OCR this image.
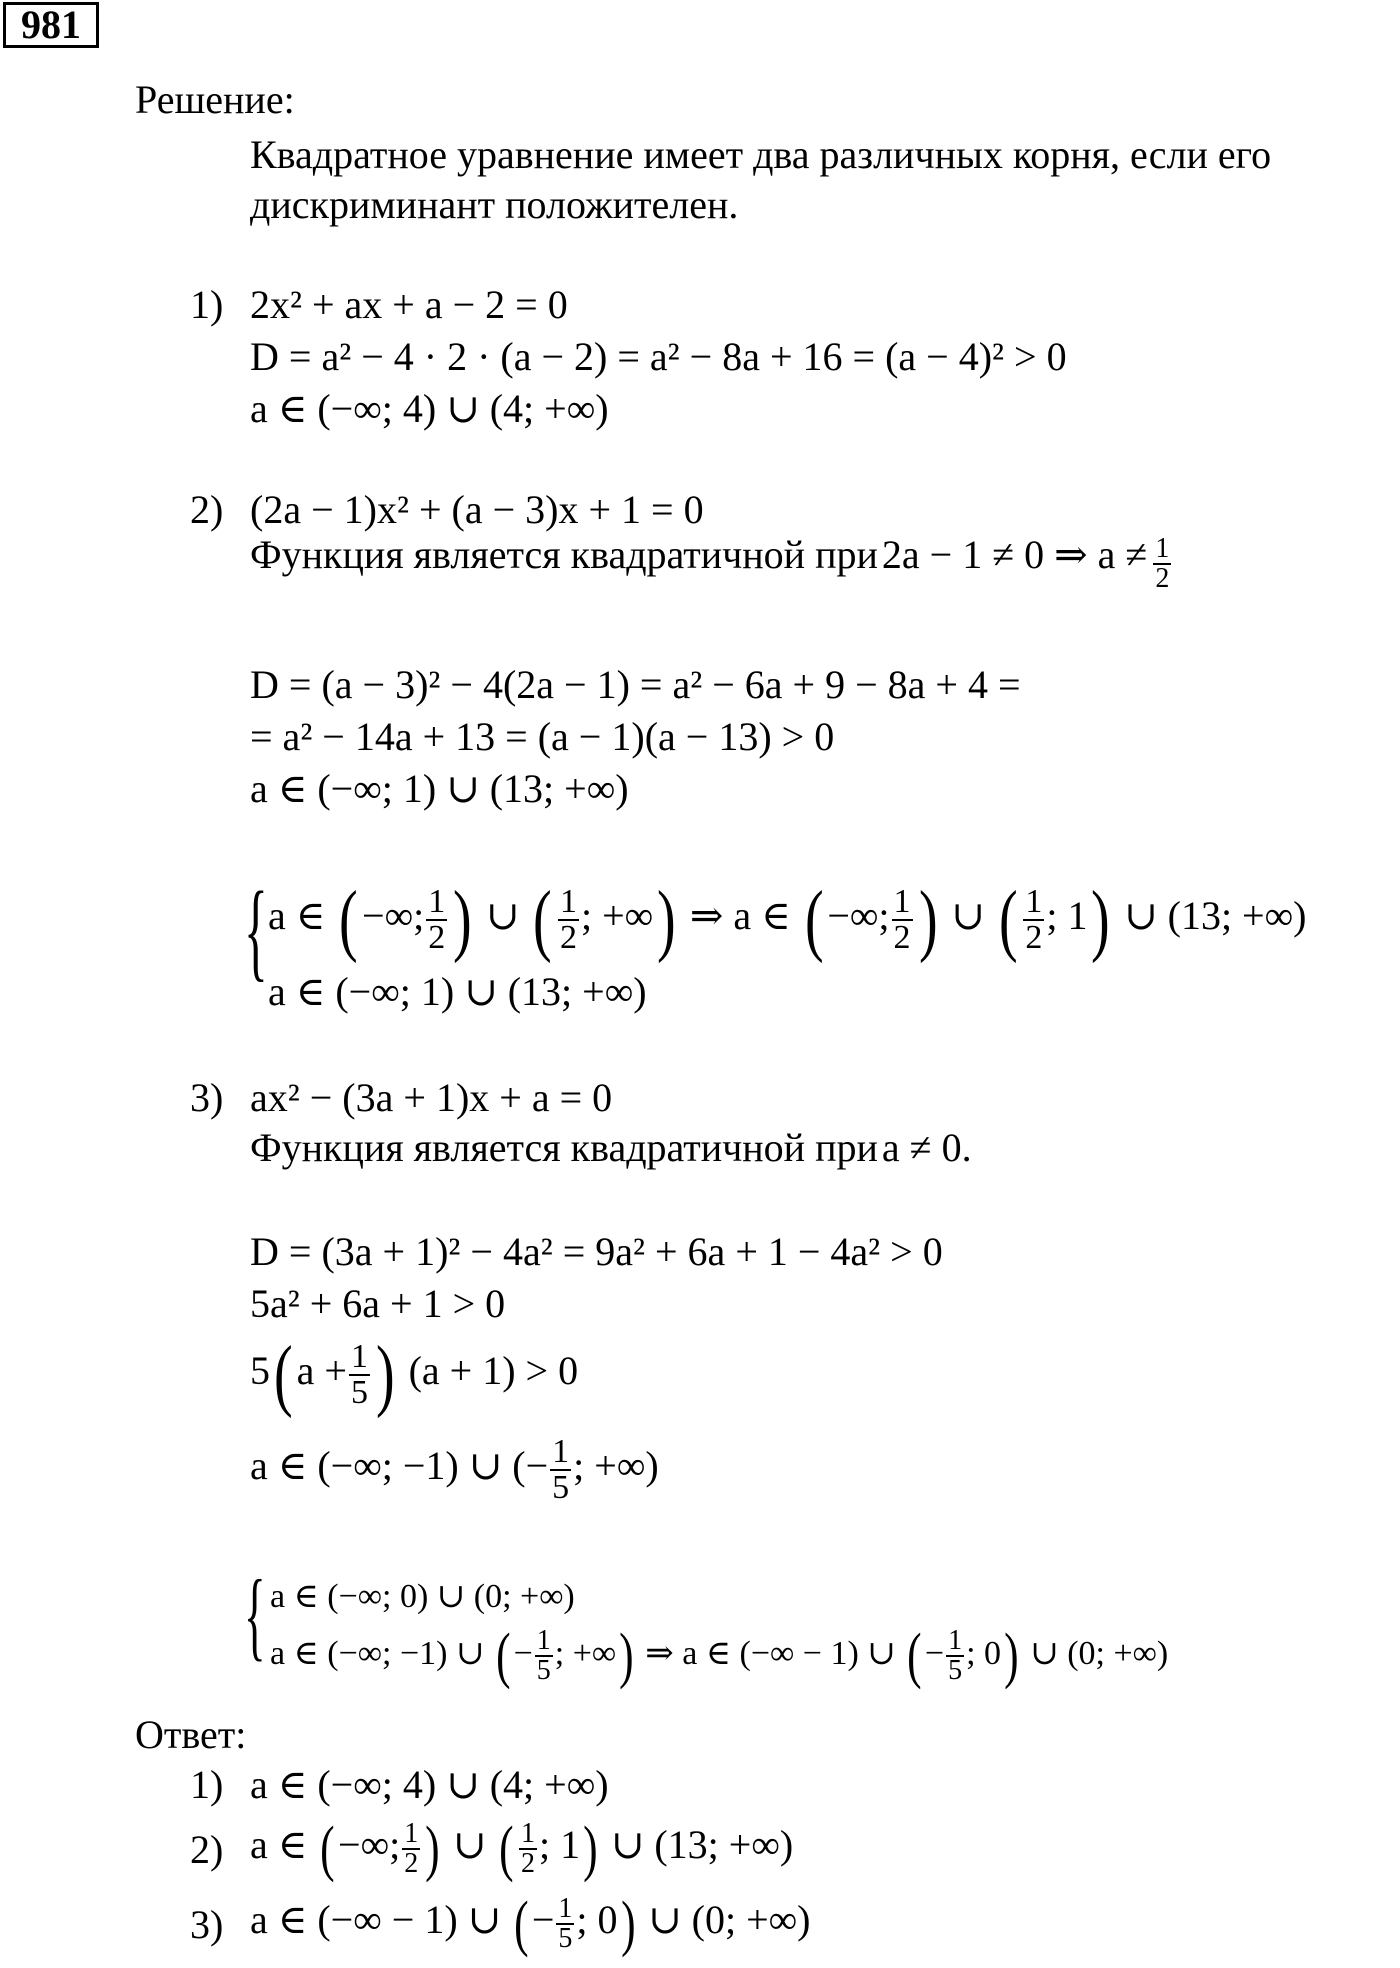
981
Решение:
Квадратное уравнение имеет два различных корня, если его
дискриминант положителен.
1) 2x² + ax + a − 2 = 0
D = a² − 4 · 2 · (a − 2) = a² − 8a + 16 = (a − 4)² > 0
a ∈ (−∞; 4) ∪ (4; +∞)
2) (2a − 1)x² + (a − 3)x + 1 = 0
Функция является квадратичной при 2a − 1 ≠ 0 ⇒ $a \ne \frac{1}{2}$
D = (a − 3)² − 4(2a − 1) = a² − 6a + 9 − 8a + 4 =
= a² − 14a + 13 = (a − 1)(a − 13) > 0
a ∈ (−∞; 1) ∪ (13; +∞)
{ a ∈ (−∞; $\frac{1}{2}$ ) ∪ ( $\frac{1}{2}$ ; +∞) ⇒ a ∈ (−∞; $\frac{1}{2}$ ) ∪ ( $\frac{1}{2}$ ; 1) ∪ (13; +∞)
a ∈ (−∞; 1) ∪ (13; +∞)
3) ax² − (3a + 1)x + a = 0
Функция является квадратичной при a ≠ 0.
D = (3a + 1)² − 4a² = 9a² + 6a + 1 − 4a² > 0
5a² + 6a + 1 > 0
$5(a + \frac{1}{5}$ ) (a + 1) > 0
a ∈ (−∞; −1) ∪ (− $\frac{1}{5}$ ; +∞)
{ a ∈ (−∞; 0) ∪ (0; +∞)
a ∈ (−∞; −1) ∪ (− $\frac{1}{5}$ ; +∞) ⇒ a ∈ (−∞ − 1) ∪ (− $\frac{1}{5}$ ; 0) ∪ (0; +∞)
Ответ:
1) a ∈ (−∞; 4) ∪ (4; +∞)
2) a ∈ (−∞; $\frac{1}{2}$ ) ∪ ( $\frac{1}{2}$ ; 1) ∪ (13; +∞)
3) a ∈ (−∞ − 1) ∪ (− $\frac{1}{5}$ ; 0) ∪ (0; +∞)
